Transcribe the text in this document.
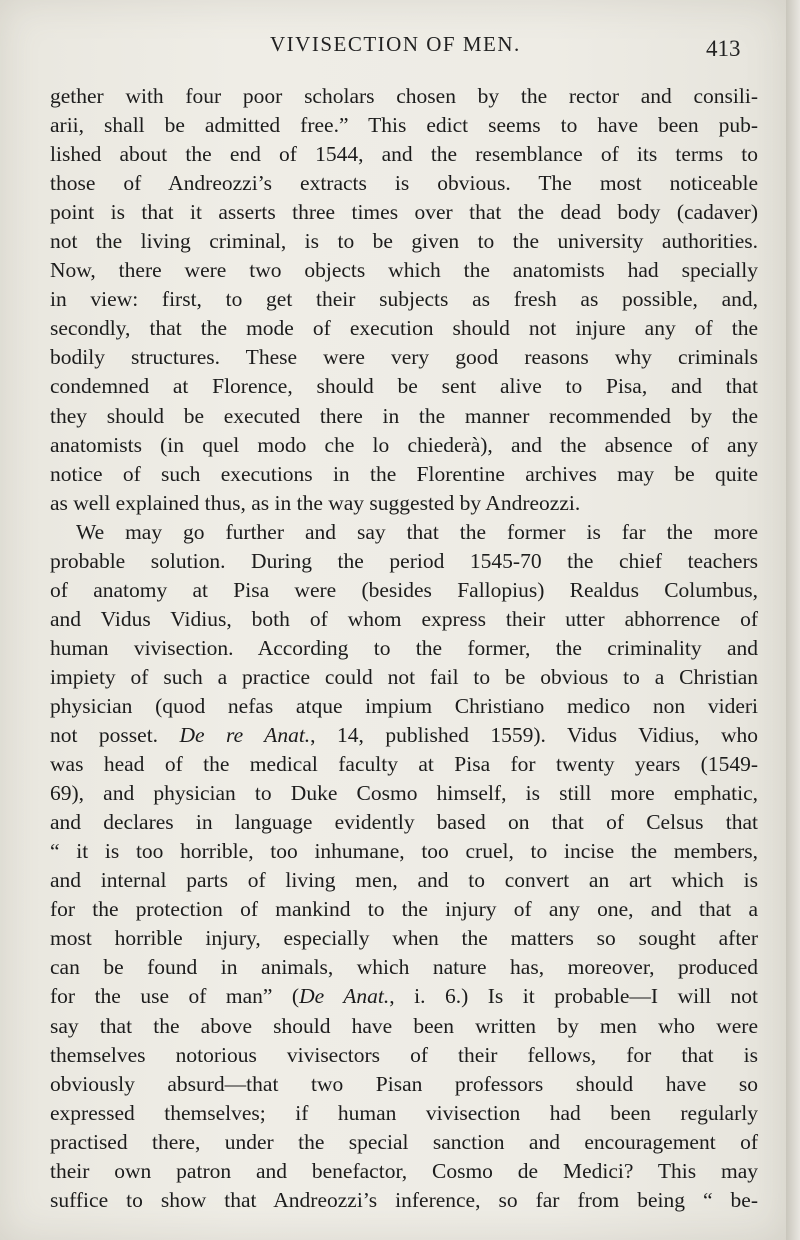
VIVISECTION OF MEN.	413
gether with four poor scholars chosen by the rector and consili-
arii, shall be admitted free.” This edict seems to have been pub-
lished about the end of 1544, and the resemblance of its terms to
those of Andreozzi’s extracts is obvious. The most noticeable
point is that it asserts three times over that the dead body (cadaver)
not the living criminal, is to be given to the university authorities.
Now, there were two objects which the anatomists had specially
in view: first, to get their subjects as fresh as possible, and,
secondly, that the mode of execution should not injure any of the
bodily structures. These were very good reasons why criminals
condemned at Florence, should be sent alive to Pisa, and that
they should be executed there in the manner recommended by the
anatomists (in quel modo che lo chiederà), and the absence of any
notice of such executions in the Florentine archives may be quite
as well explained thus, as in the way suggested by Andreozzi.
We may go further and say that the former is far the more
probable solution. During the period 1545-70 the chief teachers
of anatomy at Pisa were (besides Fallopius) Realdus Columbus,
and Vidus Vidius, both of whom express their utter abhorrence of
human vivisection. According to the former, the criminality and
impiety of such a practice could not fail to be obvious to a Christian
physician (quod nefas atque impium Christiano medico non videri
not posset. De re Anat., 14, published 1559). Vidus Vidius, who
was head of the medical faculty at Pisa for twenty years (1549-
69), and physician to Duke Cosmo himself, is still more emphatic,
and declares in language evidently based on that of Celsus that
“ it is too horrible, too inhumane, too cruel, to incise the members,
and internal parts of living men, and to convert an art which is
for the protection of mankind to the injury of any one, and that a
most horrible injury, especially when the matters so sought after
can be found in animals, which nature has, moreover, produced
for the use of man” (De Anat., i. 6.) Is it probable—I will not
say that the above should have been written by men who were
themselves notorious vivisectors of their fellows, for that is
obviously absurd—that two Pisan professors should have so
expressed themselves; if human vivisection had been regularly
practised there, under the special sanction and encouragement of
their own patron and benefactor, Cosmo de Medici? This may
suffice to show that Andreozzi’s inference, so far from being “ be-
